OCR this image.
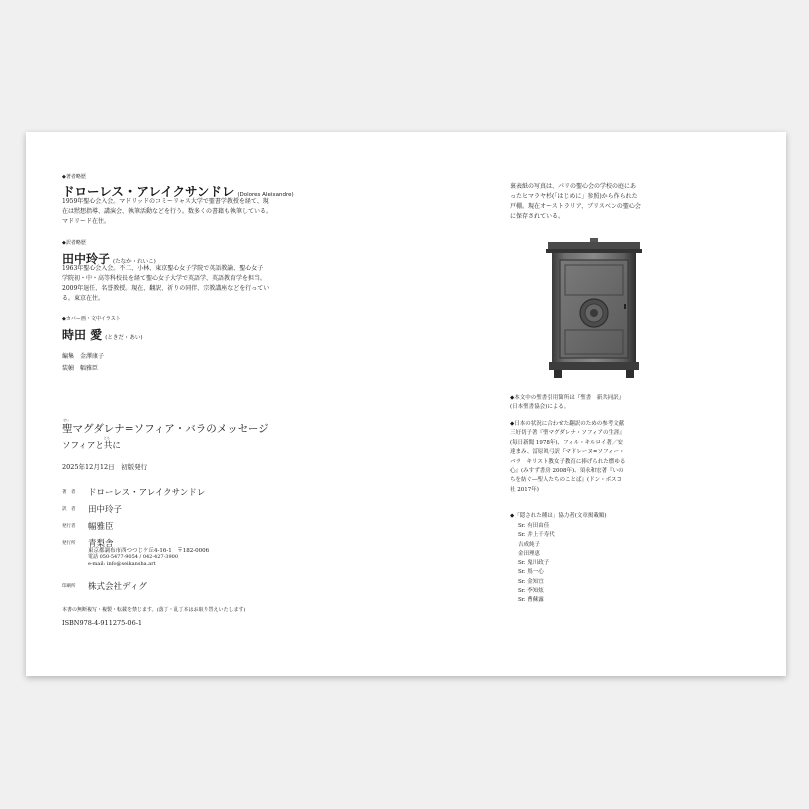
◆著者略歴
ドローレス・アレイクサンドレ (Dolores Aleixandre)
1959年聖心会入会。マドリッドのコミーリャス大学で聖書学教授を経て、現
在は黙想指導、講演会、執筆活動などを行う。数多くの書籍も執筆している。
マドリード在住。
◆訳者略歴
田中玲子 (たなか・れいこ)
1963年聖心会入会。不二、小林、東京聖心女子学院で英語教諭、聖心女子
学院初・中・高等科校長を経て聖心女子大学で英語学、英語教育学を担当。
2009年退任、名誉教授。現在、翻訳、祈りの同伴、宗教講座などを行ってい
る。東京在住。
◆カバー画・文中イラスト
時田 愛 (ときだ・あい)
編集　 金澤康子
装幀　 幅雅臣
せい
聖マグダレナ=ソフィア・バラのメッセージ
ソフィアと
とも
共に
2025年12月12日　初版発行
著　者	ドローレス・アレイクサンドレ
訳　者	田中玲子
発行者	幅雅臣
発行所	青梨舎
東京都調布市西つつじケ丘4-16-1　〒182-0006
電話 050-5477-9054 / 042-427-3900
e-mail: info@seikansha.art
印刷所	株式会社ディグ
本書の無断複写・複製・転載を禁じます。(落丁・乱丁本はお取り替えいたします)
ISBN978-4-911275-06-1
裏表紙の写真は、パリの聖心会の学校の庭にあ
ったヒマラヤ杉(「はじめに」参照)から作られた
戸棚。現在オーストラリア、ブリスベンの聖心会
に保存されている。
◆本文中の聖書引用箇所は『聖書　新共同訳』
(日本聖書協会)による。
◆日本の状況に合わせた翻訳のための参考文献
三好切子著『聖マグダレナ・ソフィアの生涯』
(毎日新聞 1978年)、フィル・キルロイ著／安
達まみ、冨原眞弓訳『マドレーヌ=ソフィー・
バラ　キリスト教女子教育に捧げられた燃ゆる
心』(みすず書房 2008年)、須永和宏著『いの
ちを紡ぐ―聖人たちのことば』(ドン・ボスコ
社 2017年)
◆「隠された種は」協力者(文章掲載順)
Sr. 有田由佳
Sr. 井上千寿代
吉成純子
金田理恵
Sr. 鬼川政子
Sr. 嶌一心
Sr. 金知宜
Sr. 李知炫
Sr. 曹蘇露
